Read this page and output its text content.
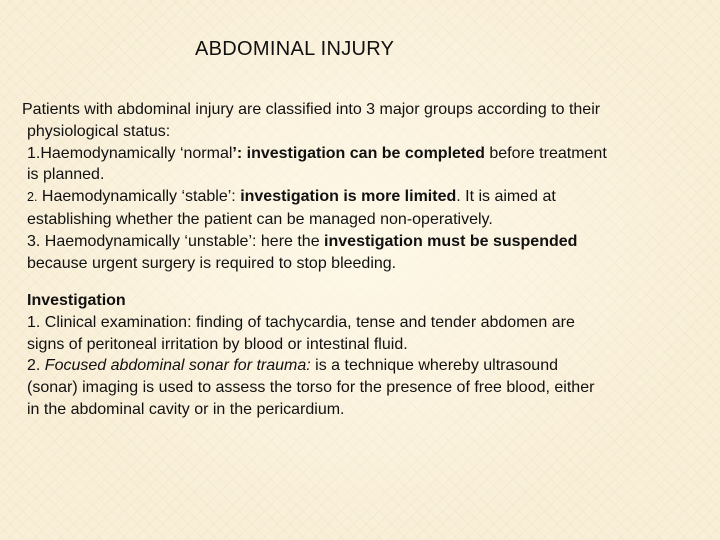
ABDOMINAL INJURY
Patients with abdominal injury are classified into 3 major groups according to their
physiological status:
1.Haemodynamically ‘normal’: investigation can be completed before treatment
is planned.
2. Haemodynamically ‘stable’: investigation is more limited. It is aimed at
establishing whether the patient can be managed non-operatively.
3. Haemodynamically ‘unstable’: here the investigation must be suspended
because urgent surgery is required to stop bleeding.
Investigation
1. Clinical examination: finding of tachycardia, tense and tender abdomen are
signs of peritoneal irritation by blood or intestinal fluid.
2. Focused abdominal sonar for trauma: is a technique whereby ultrasound
(sonar) imaging is used to assess the torso for the presence of free blood, either
in the abdominal cavity or in the pericardium.
